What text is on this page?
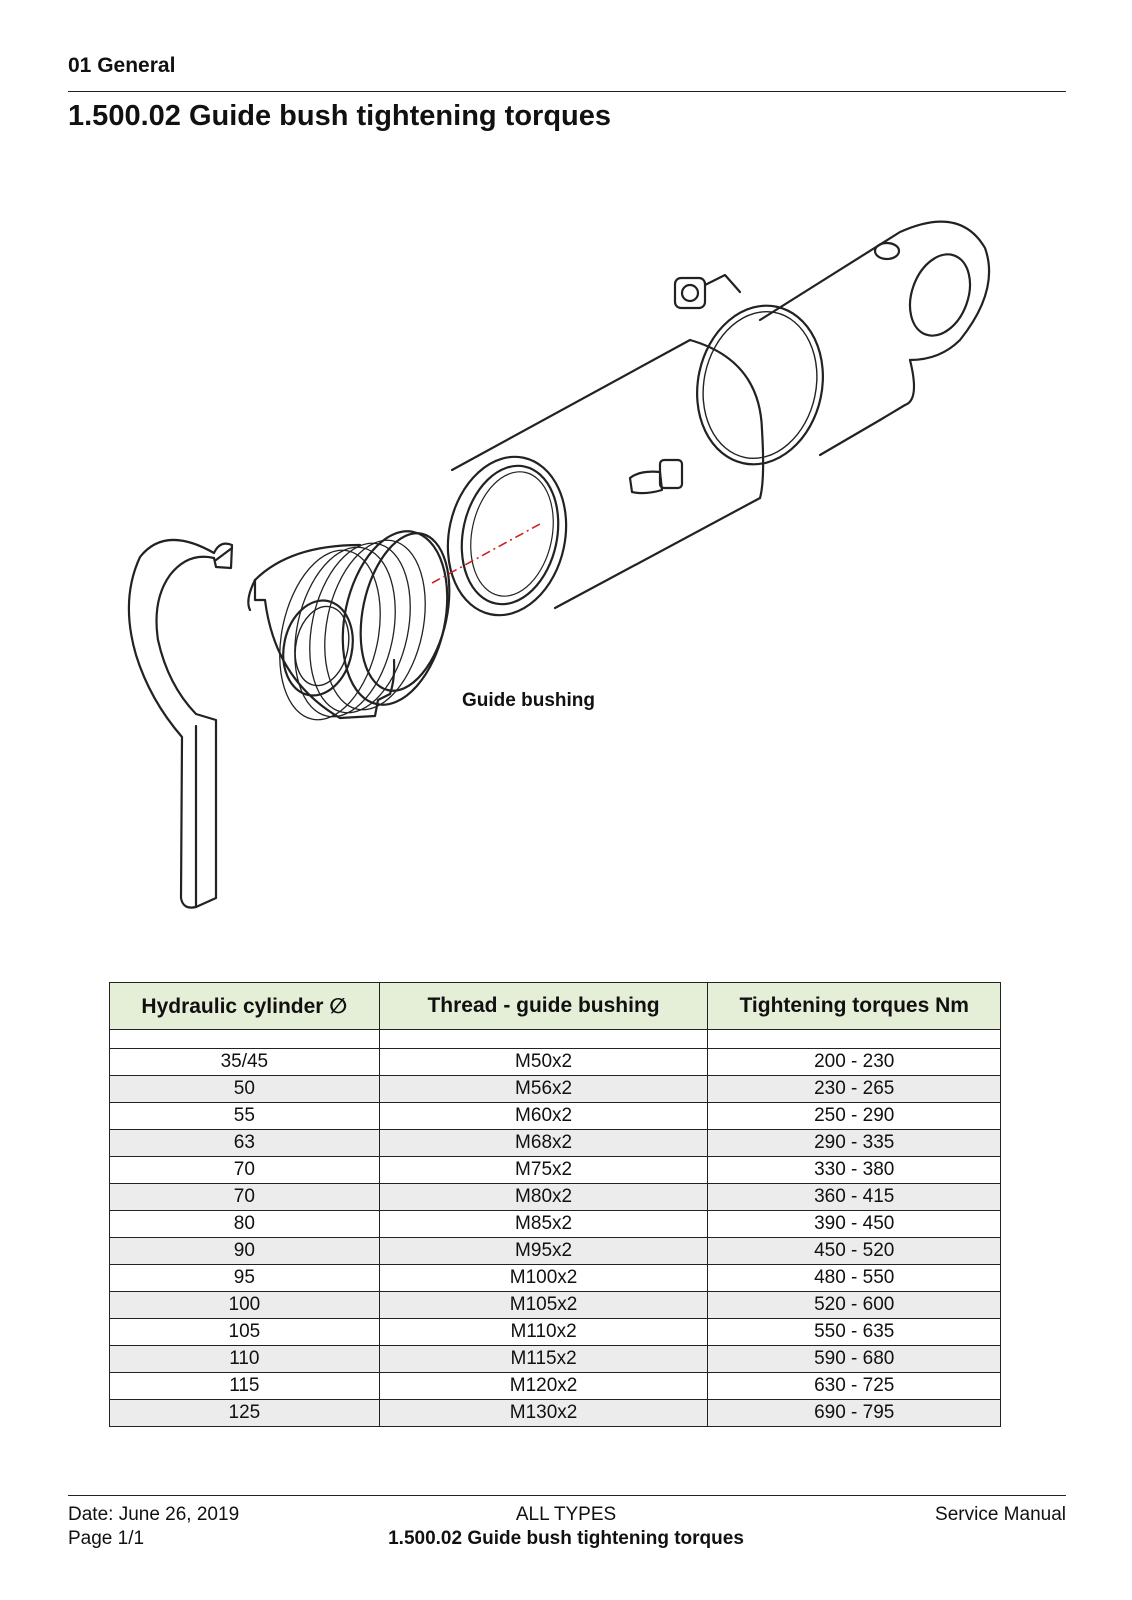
01 General
1.500.02 Guide bush tightening torques
Guide bushing
Hydraulic cylinder ∅	Thread - guide bushing	Tightening torques Nm

35/45	M50x2	200 - 230
50	M56x2	230 - 265
55	M60x2	250 - 290
63	M68x2	290 - 335
70	M75x2	330 - 380
70	M80x2	360 - 415
80	M85x2	390 - 450
90	M95x2	450 - 520
95	M100x2	480 - 550
100	M105x2	520 - 600
105	M110x2	550 - 635
110	M115x2	590 - 680
115	M120x2	630 - 725
125	M130x2	690 - 795
Date: June 26, 2019
Page 1/1
ALL TYPES
1.500.02 Guide bush tightening torques
Service Manual
